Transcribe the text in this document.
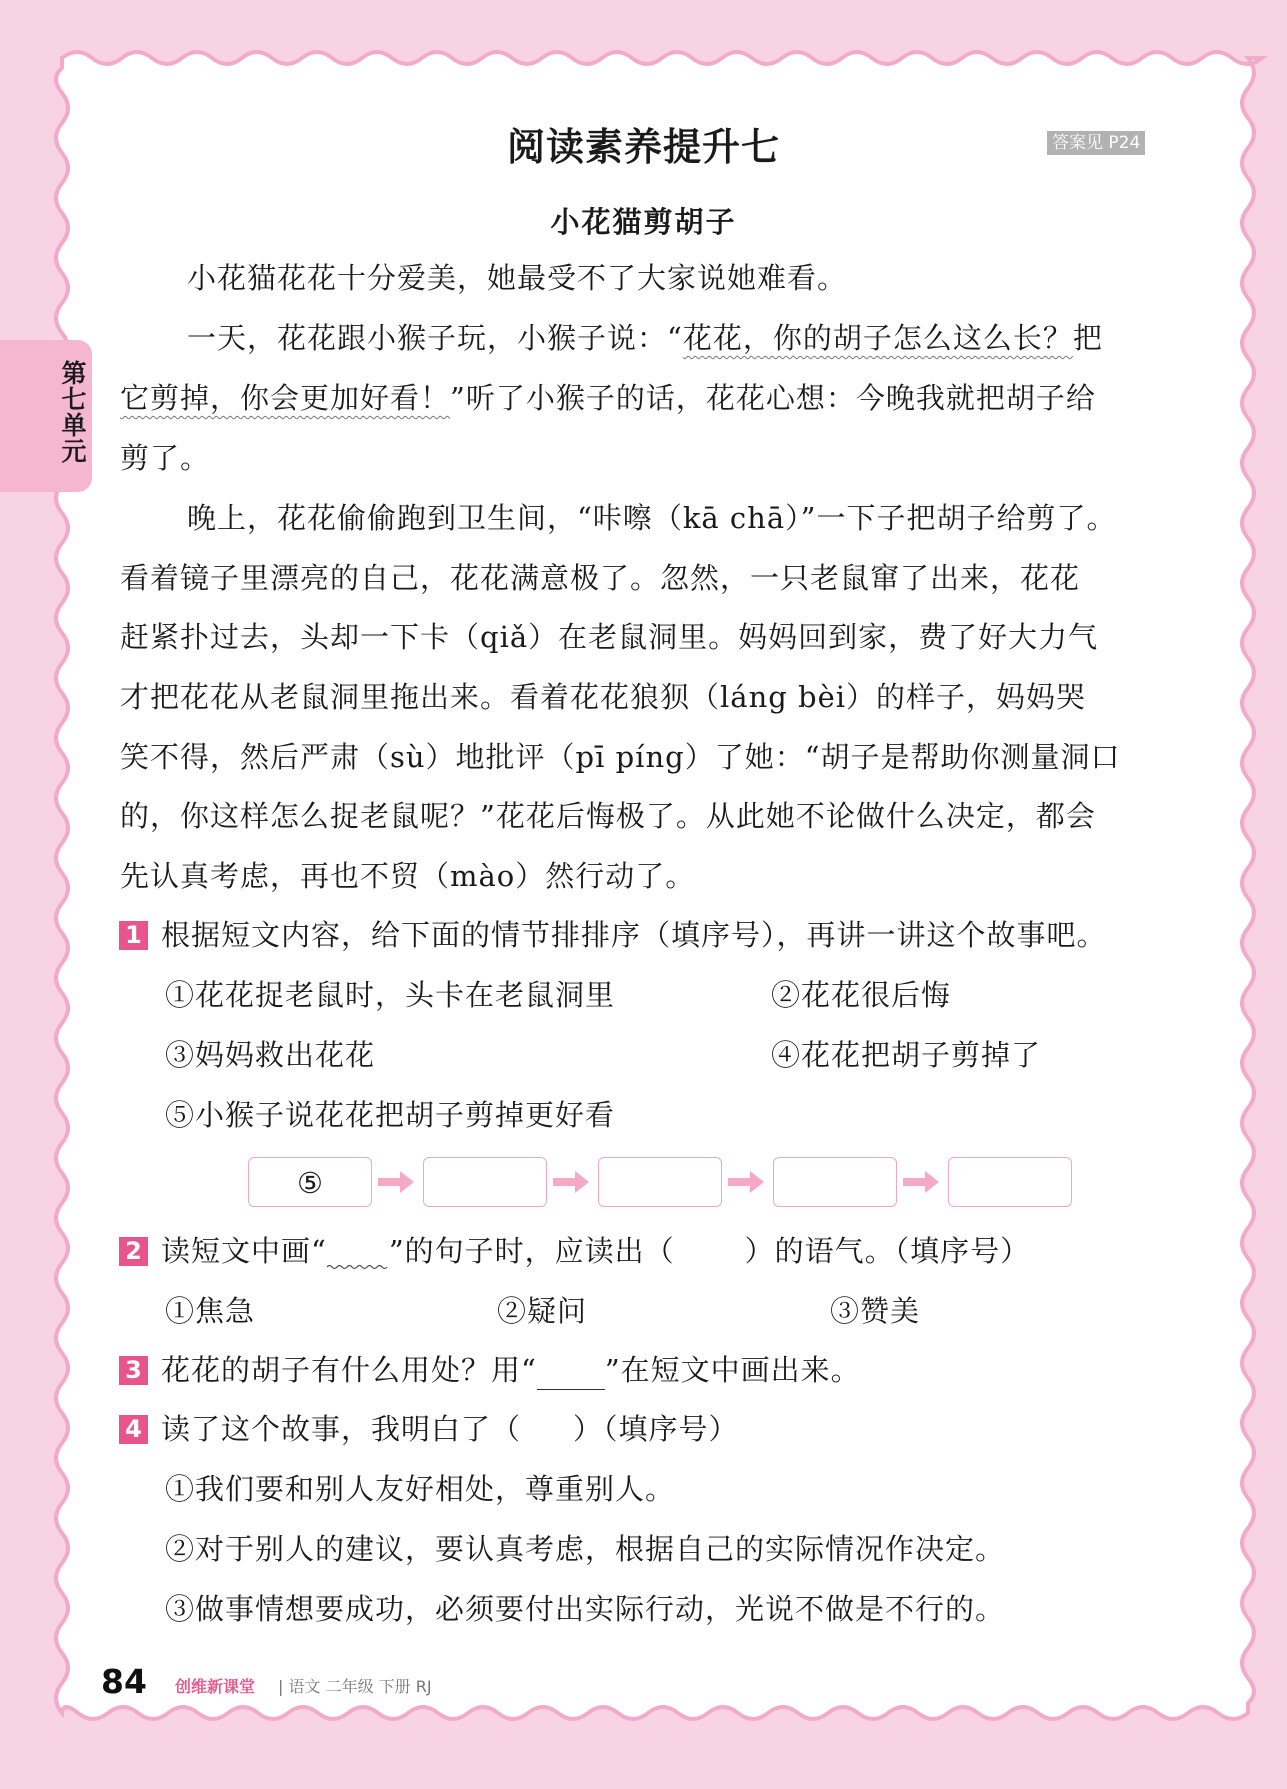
第七单元
阅读素养提升七	答案见 P24
小花猫剪胡子
小花猫花花十分爱美，她最受不了大家说她难看。
一天，花花跟小猴子玩，小猴子说：“花花，你的胡子怎么这么长？把
它剪掉，你会更加好看！”听了小猴子的话，花花心想：今晚我就把胡子给
剪了。
晚上，花花偷偷跑到卫生间，“咔嚓（kā chā）”一下子把胡子给剪了。
看着镜子里漂亮的自己，花花满意极了。忽然，一只老鼠窜了出来，花花
赶紧扑过去，头却一下卡（qiǎ）在老鼠洞里。妈妈回到家，费了好大力气
才把花花从老鼠洞里拖出来。看着花花狼狈（láng bèi）的样子，妈妈哭
笑不得，然后严肃（sù）地批评（pī píng）了她：“胡子是帮助你测量洞口
的，你这样怎么捉老鼠呢？”花花后悔极了。从此她不论做什么决定，都会
先认真考虑，再也不贸（mào）然行动了。
1 根据短文内容，给下面的情节排排序（填序号），再讲一讲这个故事吧。
①花花捉老鼠时，头卡在老鼠洞里	②花花很后悔
③妈妈救出花花	④花花把胡子剪掉了
⑤小猴子说花花把胡子剪掉更好看
⑤
2 读短文中画“ ”的句子时，应读出（ ）的语气。（填序号）
①焦急	②疑问	③赞美
3 花花的胡子有什么用处？用“ ”在短文中画出来。
4 读了这个故事，我明白了（ ）（填序号）
①我们要和别人友好相处，尊重别人。
②对于别人的建议，要认真考虑，根据自己的实际情况作决定。
③做事情想要成功，必须要付出实际行动，光说不做是不行的。
84 创维新课堂 | 语文 二年级 下册 RJ
